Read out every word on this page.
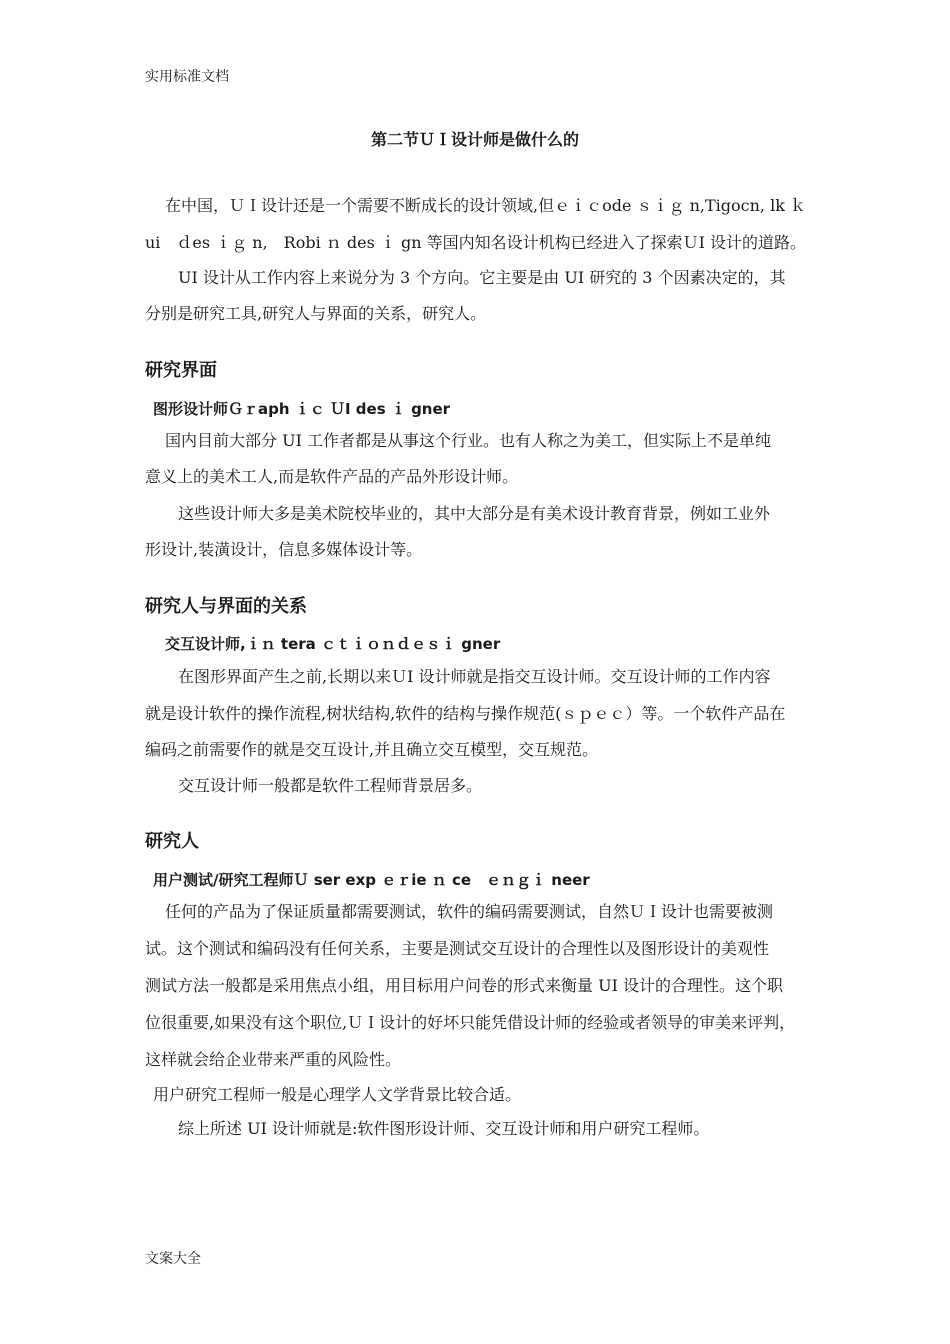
实用标准文档
第二节ＵＩ设计师是做什么的
在中国，ＵＩ设计还是一个需要不断成长的设计领域,但ｅｉｃode ｓｉｇ n,Tigocn, lk ｋ
ui　ｄes ｉｇ n,　Robi ｎ des ｉ gn 等国内知名设计机构已经进入了探索ＵI 设计的道路。
UI 设计从工作内容上来说分为 3 个方向。它主要是由 UI 研究的 3 个因素决定的，其
分别是研究工具,研究人与界面的关系，研究人。
研究界面
图形设计师Ｇｒaph ｉｃ ＵI des ｉ gner
国内目前大部分 UI 工作者都是从事这个行业。也有人称之为美工，但实际上不是单纯
意义上的美术工人,而是软件产品的产品外形设计师。
这些设计师大多是美术院校毕业的，其中大部分是有美术设计教育背景，例如工业外
形设计,装潢设计，信息多媒体设计等。
研究人与界面的关系
交互设计师,ｉｎ tera ｃｔｉｏｎｄｅｓｉ gner
在图形界面产生之前,长期以来ＵI 设计师就是指交互设计师。交互设计师的工作内容
就是设计软件的操作流程,树状结构,软件的结构与操作规范(ｓｐｅｃ）等。一个软件产品在
编码之前需要作的就是交互设计,并且确立交互模型，交互规范。
交互设计师一般都是软件工程师背景居多。
研究人
用户测试/研究工程师Ｕ ser exp ｅｒie ｎ ce　ｅｎｇｉ neer
任何的产品为了保证质量都需要测试，软件的编码需要测试，自然ＵＩ设计也需要被测
试。这个测试和编码没有任何关系，主要是测试交互设计的合理性以及图形设计的美观性
测试方法一般都是采用焦点小组，用目标用户问卷的形式来衡量 UI 设计的合理性。这个职
位很重要,如果没有这个职位,ＵＩ设计的好坏只能凭借设计师的经验或者领导的审美来评判，
这样就会给企业带来严重的风险性。
用户研究工程师一般是心理学人文学背景比较合适。
综上所述 UI 设计师就是:软件图形设计师、交互设计师和用户研究工程师。
文案大全
